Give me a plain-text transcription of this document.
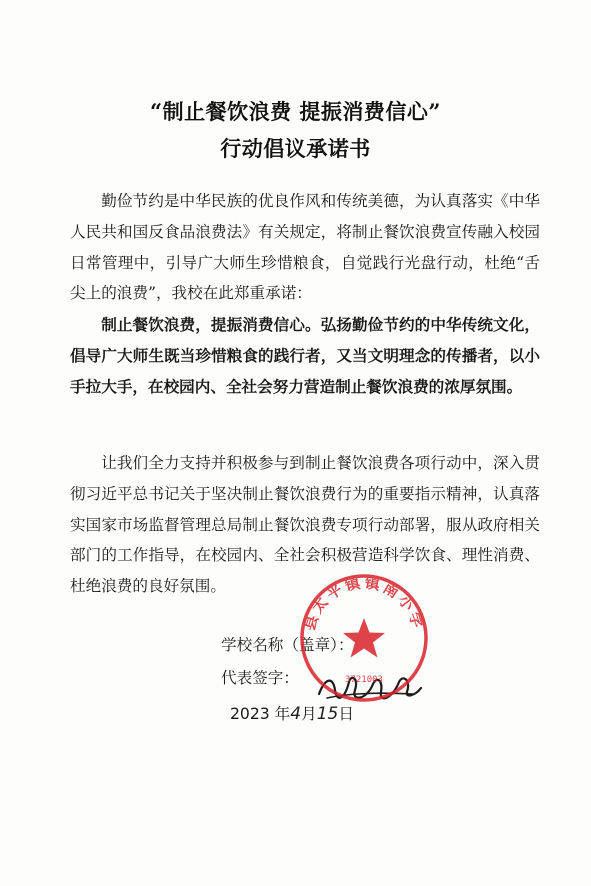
“制止餐饮浪费 提振消费信心”
行动倡议承诺书
勤俭节约是中华民族的优良作风和传统美德，为认真落实《中华人民共和国反食品浪费法》有关规定，将制止餐饮浪费宣传融入校园日常管理中，引导广大师生珍惜粮食，自觉践行光盘行动，杜绝“舌尖上的浪费”，我校在此郑重承诺：
制止餐饮浪费，提振消费信心。弘扬勤俭节约的中华传统文化，倡导广大师生既当珍惜粮食的践行者，又当文明理念的传播者，以小手拉大手，在校园内、全社会努力营造制止餐饮浪费的浓厚氛围。
让我们全力支持并积极参与到制止餐饮浪费各项行动中，深入贯彻习近平总书记关于坚决制止餐饮浪费行为的重要指示精神，认真落实国家市场监督管理总局制止餐饮浪费专项行动部署，服从政府相关部门的工作指导，在校园内、全社会积极营造科学饮食、理性消费、杜绝浪费的良好氛围。
学校名称（盖章）：
代表签字：
2023 年4月15日
县太平镇镇南小学
3721003
